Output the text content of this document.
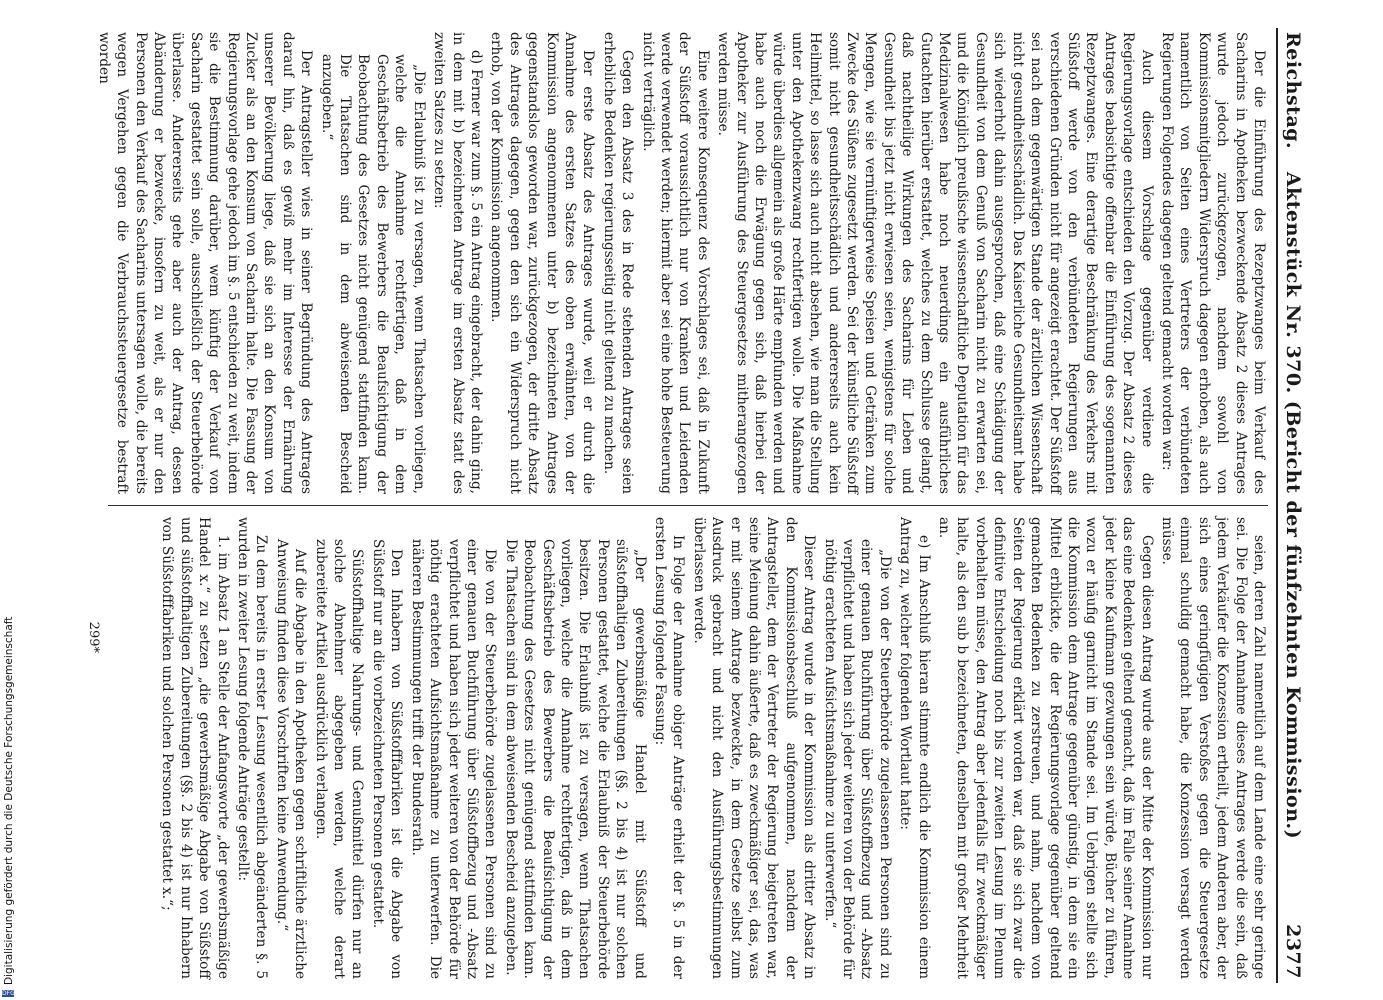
Reichstag.
Aktenstück Nr. 370. (Bericht der fünfzehnten Kommission.)
2377

Der die Einführung des Rezeptzwanges beim Verkauf des Sacharins in Apotheken bezweckende Absatz 2 dieses Antrages wurde jedoch zurückgezogen, nachdem sowohl von Kommissionsmitgliedern Widerspruch dagegen erhoben, als auch namentlich von Seiten eines Vertreters der verbündeten Regierungen Folgendes dagegen geltend gemacht worden war:

Auch diesem Vorschlage gegenüber verdiene die Regierungsvorlage entschieden den Vorzug. Der Absatz 2 dieses Antrages beabsichtige offenbar die Einführung des sogenannten Rezeptzwanges. Eine derartige Beschränkung des Verkehrs mit Süßstoff werde von den verbündeten Regierungen aus verschiedenen Gründen nicht für angezeigt erachtet. Der Süßstoff sei nach dem gegenwärtigen Stande der ärztlichen Wissenschaft nicht gesundheitsschädlich. Das Kaiserliche Gesundheitsamt habe sich wiederholt dahin ausgesprochen, daß eine Schädigung der Gesundheit von dem Genuß von Sacharin nicht zu erwarten sei, und die Königlich preußische wissenschaftliche Deputation für das Medizinalwesen habe noch neuerdings ein ausführliches Gutachten hierüber erstattet, welches zu dem Schlusse gelangt, daß nachtheilige Wirkungen des Sacharins für Leben und Gesundheit bis jetzt nicht erwiesen seien, wenigstens für solche Mengen, wie sie vernünftigerweise Speisen und Getränken zum Zwecke des Süßens zugesetzt werden. Sei der künstliche Süßstoff somit nicht gesundheitsschädlich und andererseits auch kein Heilmittel, so lasse sich auch nicht absehen, wie man die Stellung unter den Apothekenzwang rechtfertigen wolle. Die Maßnahme würde überdies allgemein als große Härte empfunden werden und habe auch noch die Erwägung gegen sich, daß hierbei der Apotheker zur Ausführung des Steuergesetzes mitherangezogen werden müsse.

Eine weitere Konsequenz des Vorschlages sei, daß in Zukunft der Süßstoff voraussichtlich nur von Kranken und Leidenden werde verwendet werden; hiermit aber sei eine hohe Besteuerung nicht verträglich.

Gegen den Absatz 3 des in Rede stehenden Antrages seien erhebliche Bedenken regierungsseitig nicht geltend zu machen.

Der erste Absatz des Antrages wurde, weil er durch die Annahme des ersten Satzes des oben erwähnten, von der Kommission angenommenen unter b) bezeichneten Antrages gegenstandslos geworden war, zurückgezogen, der dritte Absatz des Antrages dagegen, gegen den sich ein Widerspruch nicht erhob, von der Kommission angenommen.

d) Ferner war zum §. 5 ein Antrag eingebracht, der dahin ging, in dem mit b) bezeichneten Antrage im ersten Absatz statt des zweiten Satzes zu setzen:

„Die Erlaubniß ist zu versagen, wenn Thatsachen vorliegen, welche die Annahme rechtfertigen, daß in dem Geschäftsbetrieb des Bewerbers die Beaufsichtigung der Beobachtung des Gesetzes nicht genügend stattfinden kann. Die Thatsachen sind in dem abweisenden Bescheid anzugeben.“

Der Antragsteller wies in seiner Begründung des Antrages darauf hin, daß es gewiß mehr im Interesse der Ernährung unserer Bevölkerung liege, daß sie sich an den Konsum von Zucker als an den Konsum von Sacharin halte. Die Fassung der Regierungsvorlage gehe jedoch im §. 5 entschieden zu weit, indem sie die Bestimmung darüber, wem künftig der Verkauf von Sacharin gestattet sein solle, ausschließlich der Steuerbehörde überlasse. Andererseits gehe aber auch der Antrag, dessen Abänderung er bezwecke, insofern zu weit, als er nur den Personen den Verkauf des Sacharins untersagen wolle, die bereits wegen Vergehen gegen die Verbrauchssteuergesetze bestraft worden

seien, deren Zahl namentlich auf dem Lande eine sehr geringe sei. Die Folge der Annahme dieses Antrages werde die sein, daß jedem Verkäufer die Konzession ertheilt, jedem Anderen aber, der sich eines geringfügigen Verstoßes gegen die Steuergesetze einmal schuldig gemacht habe, die Konzession versagt werden müsse.

Gegen diesen Antrag wurde aus der Mitte der Kommission nur das eine Bedenken geltend gemacht, daß im Falle seiner Annahme jeder kleine Kaufmann gezwungen sein würde, Bücher zu führen, wozu er häufig garnicht im Stande sei. Im Uebrigen stellte sich die Kommission dem Antrage gegenüber günstig, in dem sie ein Mittel erblickte, die der Regierungsvorlage gegenüber geltend gemachten Bedenken zu zerstreuen, und nahm, nachdem von Seiten der Regierung erklärt worden war, daß sie sich zwar die definitive Entscheidung noch bis zur zweiten Lesung im Plenum vorbehalten müsse, den Antrag aber jedenfalls für zweckmäßiger halte, als den sub b bezeichneten, denselben mit großer Mehrheit an.

e) Im Anschluß hieran stimmte endlich die Kommission einem Antrag zu, welcher folgenden Wortlaut hatte:

„Die von der Steuerbehörde zugelassenen Personen sind zu einer genauen Buchführung über Süßstoffbezug und -Absatz verpflichtet und haben sich jeder weiteren von der Behörde für nöthig erachteten Aufsichtsmaßnahme zu unterwerfen.“

Dieser Antrag wurde in der Kommission als dritter Absatz in den Kommissionsbeschluß aufgenommen, nachdem der Antragsteller, dem der Vertreter der Regierung beigetreten war, seine Meinung dahin äußerte, daß es zweckmäßiger sei, das, was er mit seinem Antrage bezweckte, in dem Gesetze selbst zum Ausdruck gebracht und nicht den Ausführungsbestimmungen überlassen werde.

In Folge der Annahme obiger Anträge erhielt der §. 5 in der ersten Lesung folgende Fassung:

„Der gewerbsmäßige Handel mit Süßstoff und süßstoffhaltigen Zubereitungen (§§. 2 bis 4) ist nur solchen Personen gestattet, welche die Erlaubniß der Steuerbehörde besitzen. Die Erlaubniß ist zu versagen, wenn Thatsachen vorliegen, welche die Annahme rechtfertigen, daß in dem Geschäftsbetrieb des Bewerbers die Beaufsichtigung der Beobachtung des Gesetzes nicht genügend stattfinden kann. Die Thatsachen sind in dem abweisenden Bescheid anzugeben.

Die von der Steuerbehörde zugelassenen Personen sind zu einer genauen Buchführung über Süßstoffbezug und -Absatz verpflichtet und haben sich jeder weiteren von der Behörde für nöthig erachteten Aufsichtsmaßnahme zu unterwerfen. Die näheren Bestimmungen trifft der Bundesrath.

Den Inhabern von Süßstofffabriken ist die Abgabe von Süßstoff nur an die vorbezeichneten Personen gestattet.

Süßstoffhaltige Nahrungs- und Genußmittel dürfen nur an solche Abnehmer abgegeben werden, welche derart zubereitete Artikel ausdrücklich verlangen.

Auf die Abgabe in den Apotheken gegen schriftliche ärztliche Anweisung finden diese Vorschriften keine Anwendung.“

Zu dem bereits in erster Lesung wesentlich abgeänderten §. 5 wurden in zweiter Lesung folgende Anträge gestellt:

1. im Absatz 1 an Stelle der Anfangsworte „der gewerbsmäßige Handel x.“ zu setzen „die gewerbsmäßige Abgabe von Süßstoff und süßstoffhaltigen Zubereitungen (§§. 2 bis 4) ist nur Inhabern von Süßstofffabriken und solchen Personen gestattet x.“;

299*
Digitalisierung gefördert durch die Deutsche Forschungsgemeinschaft
DFG
